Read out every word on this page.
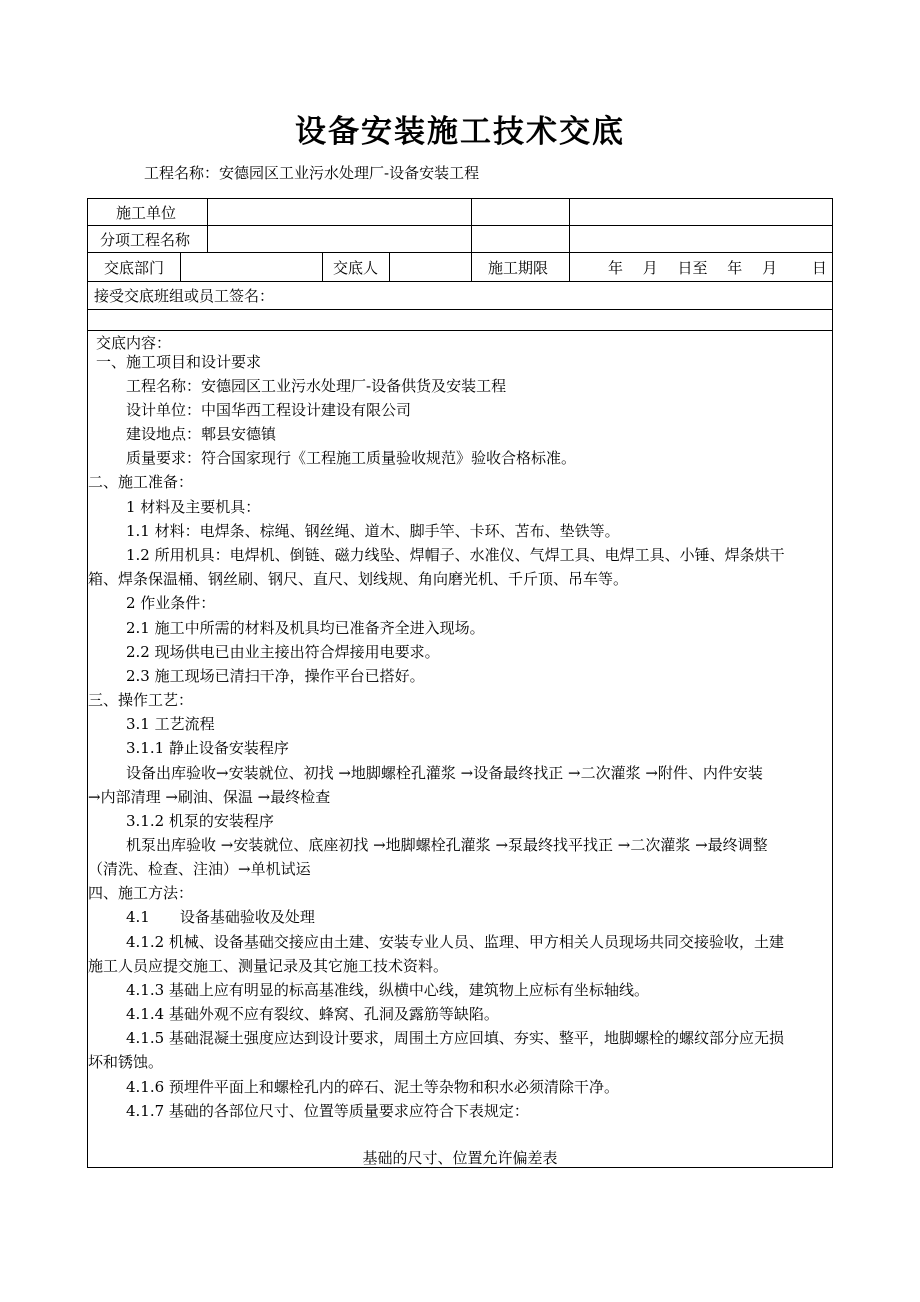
设备安装施工技术交底
工程名称：安德园区工业污水处理厂-设备安装工程
施工单位
分项工程名称
交底部门	交底人	施工期限	年　 月　 日至　 年　 月　　 日
接受交底班组或员工签名：
交底内容：
一、施工项目和设计要求
工程名称：安德园区工业污水处理厂-设备供货及安装工程
设计单位：中国华西工程设计建设有限公司
建设地点：郫县安德镇
质量要求：符合国家现行《工程施工质量验收规范》验收合格标准。
二、施工准备：
1 材料及主要机具：
1.1 材料：电焊条、棕绳、钢丝绳、道木、脚手竿、卡环、苫布、垫铁等。
1.2 所用机具：电焊机、倒链、磁力线坠、焊帽子、水准仪、气焊工具、电焊工具、小锤、焊条烘干
箱、焊条保温桶、钢丝刷、钢尺、直尺、划线规、角向磨光机、千斤顶、吊车等。
2 作业条件：
2.1 施工中所需的材料及机具均已准备齐全进入现场。
2.2 现场供电已由业主接出符合焊接用电要求。
2.3 施工现场已清扫干净，操作平台已搭好。
三、操作工艺：
3.1 工艺流程
3.1.1 静止设备安装程序
设备出库验收→安装就位、初找 →地脚螺栓孔灌浆 →设备最终找正 →二次灌浆 →附件、内件安装
→内部清理 →刷油、保温 →最终检查
3.1.2 机泵的安装程序
机泵出库验收 →安装就位、底座初找 →地脚螺栓孔灌浆 →泵最终找平找正 →二次灌浆 →最终调整
（清洗、检查、注油）→单机试运
四、施工方法：
4.1　　设备基础验收及处理
4.1.2 机械、设备基础交接应由土建、安装专业人员、监理、甲方相关人员现场共同交接验收，土建
施工人员应提交施工、测量记录及其它施工技术资料。
4.1.3 基础上应有明显的标高基准线，纵横中心线，建筑物上应标有坐标轴线。
4.1.4 基础外观不应有裂纹、蜂窝、孔洞及露筋等缺陷。
4.1.5 基础混凝土强度应达到设计要求，周围土方应回填、夯实、整平，地脚螺栓的螺纹部分应无损
坏和锈蚀。
4.1.6 预埋件平面上和螺栓孔内的碎石、泥土等杂物和积水必须清除干净。
4.1.7 基础的各部位尺寸、位置等质量要求应符合下表规定：
基础的尺寸、位置允许偏差表
